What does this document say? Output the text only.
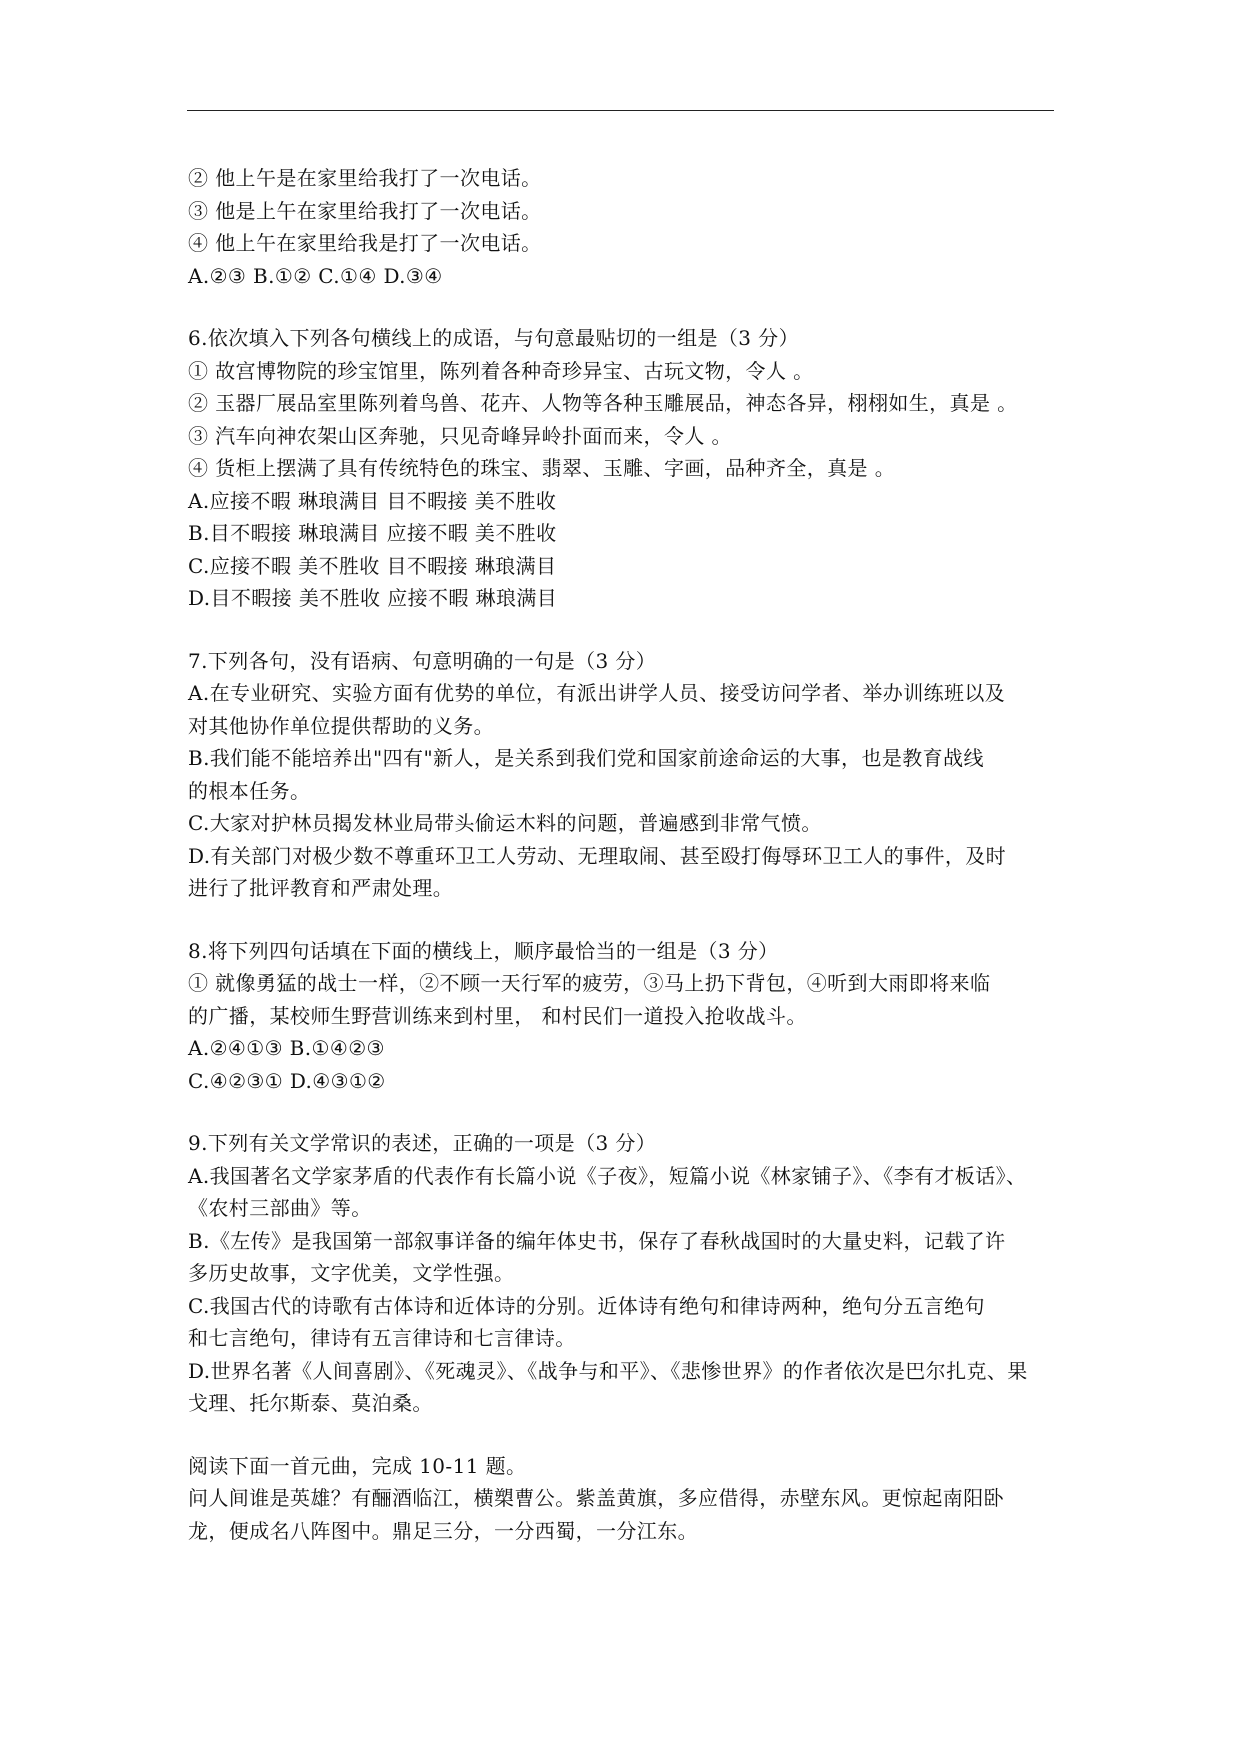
② 他上午是在家里给我打了一次电话。
③ 他是上午在家里给我打了一次电话。
④ 他上午在家里给我是打了一次电话。
A.②③ B.①② C.①④ D.③④
6.依次填入下列各句横线上的成语，与句意最贴切的一组是（3 分）
① 故宫博物院的珍宝馆里，陈列着各种奇珍异宝、古玩文物，令人 。
② 玉器厂展品室里陈列着鸟兽、花卉、人物等各种玉雕展品，神态各异，栩栩如生，真是 。
③ 汽车向神农架山区奔驰，只见奇峰异岭扑面而来，令人 。
④ 货柜上摆满了具有传统特色的珠宝、翡翠、玉雕、字画，品种齐全，真是 。
A.应接不暇 琳琅满目 目不暇接 美不胜收
B.目不暇接 琳琅满目 应接不暇 美不胜收
C.应接不暇 美不胜收 目不暇接 琳琅满目
D.目不暇接 美不胜收 应接不暇 琳琅满目
7.下列各句，没有语病、句意明确的一句是（3 分）
A.在专业研究、实验方面有优势的单位，有派出讲学人员、接受访问学者、举办训练班以及
对其他协作单位提供帮助的义务。
B.我们能不能培养出"四有"新人，是关系到我们党和国家前途命运的大事，也是教育战线
的根本任务。
C.大家对护林员揭发林业局带头偷运木料的问题，普遍感到非常气愤。
D.有关部门对极少数不尊重环卫工人劳动、无理取闹、甚至殴打侮辱环卫工人的事件，及时
进行了批评教育和严肃处理。
8.将下列四句话填在下面的横线上，顺序最恰当的一组是（3 分）
① 就像勇猛的战士一样，②不顾一天行军的疲劳，③马上扔下背包，④听到大雨即将来临
的广播，某校师生野营训练来到村里， 和村民们一道投入抢收战斗。
A.②④①③ B.①④②③
C.④②③① D.④③①②
9.下列有关文学常识的表述，正确的一项是（3 分）
A.我国著名文学家茅盾的代表作有长篇小说《子夜》，短篇小说《林家铺子》、《李有才板话》、
《农村三部曲》等。
B.《左传》是我国第一部叙事详备的编年体史书，保存了春秋战国时的大量史料，记载了许
多历史故事，文字优美，文学性强。
C.我国古代的诗歌有古体诗和近体诗的分别。近体诗有绝句和律诗两种，绝句分五言绝句
和七言绝句，律诗有五言律诗和七言律诗。
D.世界名著《人间喜剧》、《死魂灵》、《战争与和平》、《悲惨世界》的作者依次是巴尔扎克、果
戈理、托尔斯泰、莫泊桑。
阅读下面一首元曲，完成 10-11 题。
问人间谁是英雄？有酾酒临江，横槊曹公。紫盖黄旗，多应借得，赤壁东风。更惊起南阳卧
龙，便成名八阵图中。鼎足三分，一分西蜀，一分江东。
